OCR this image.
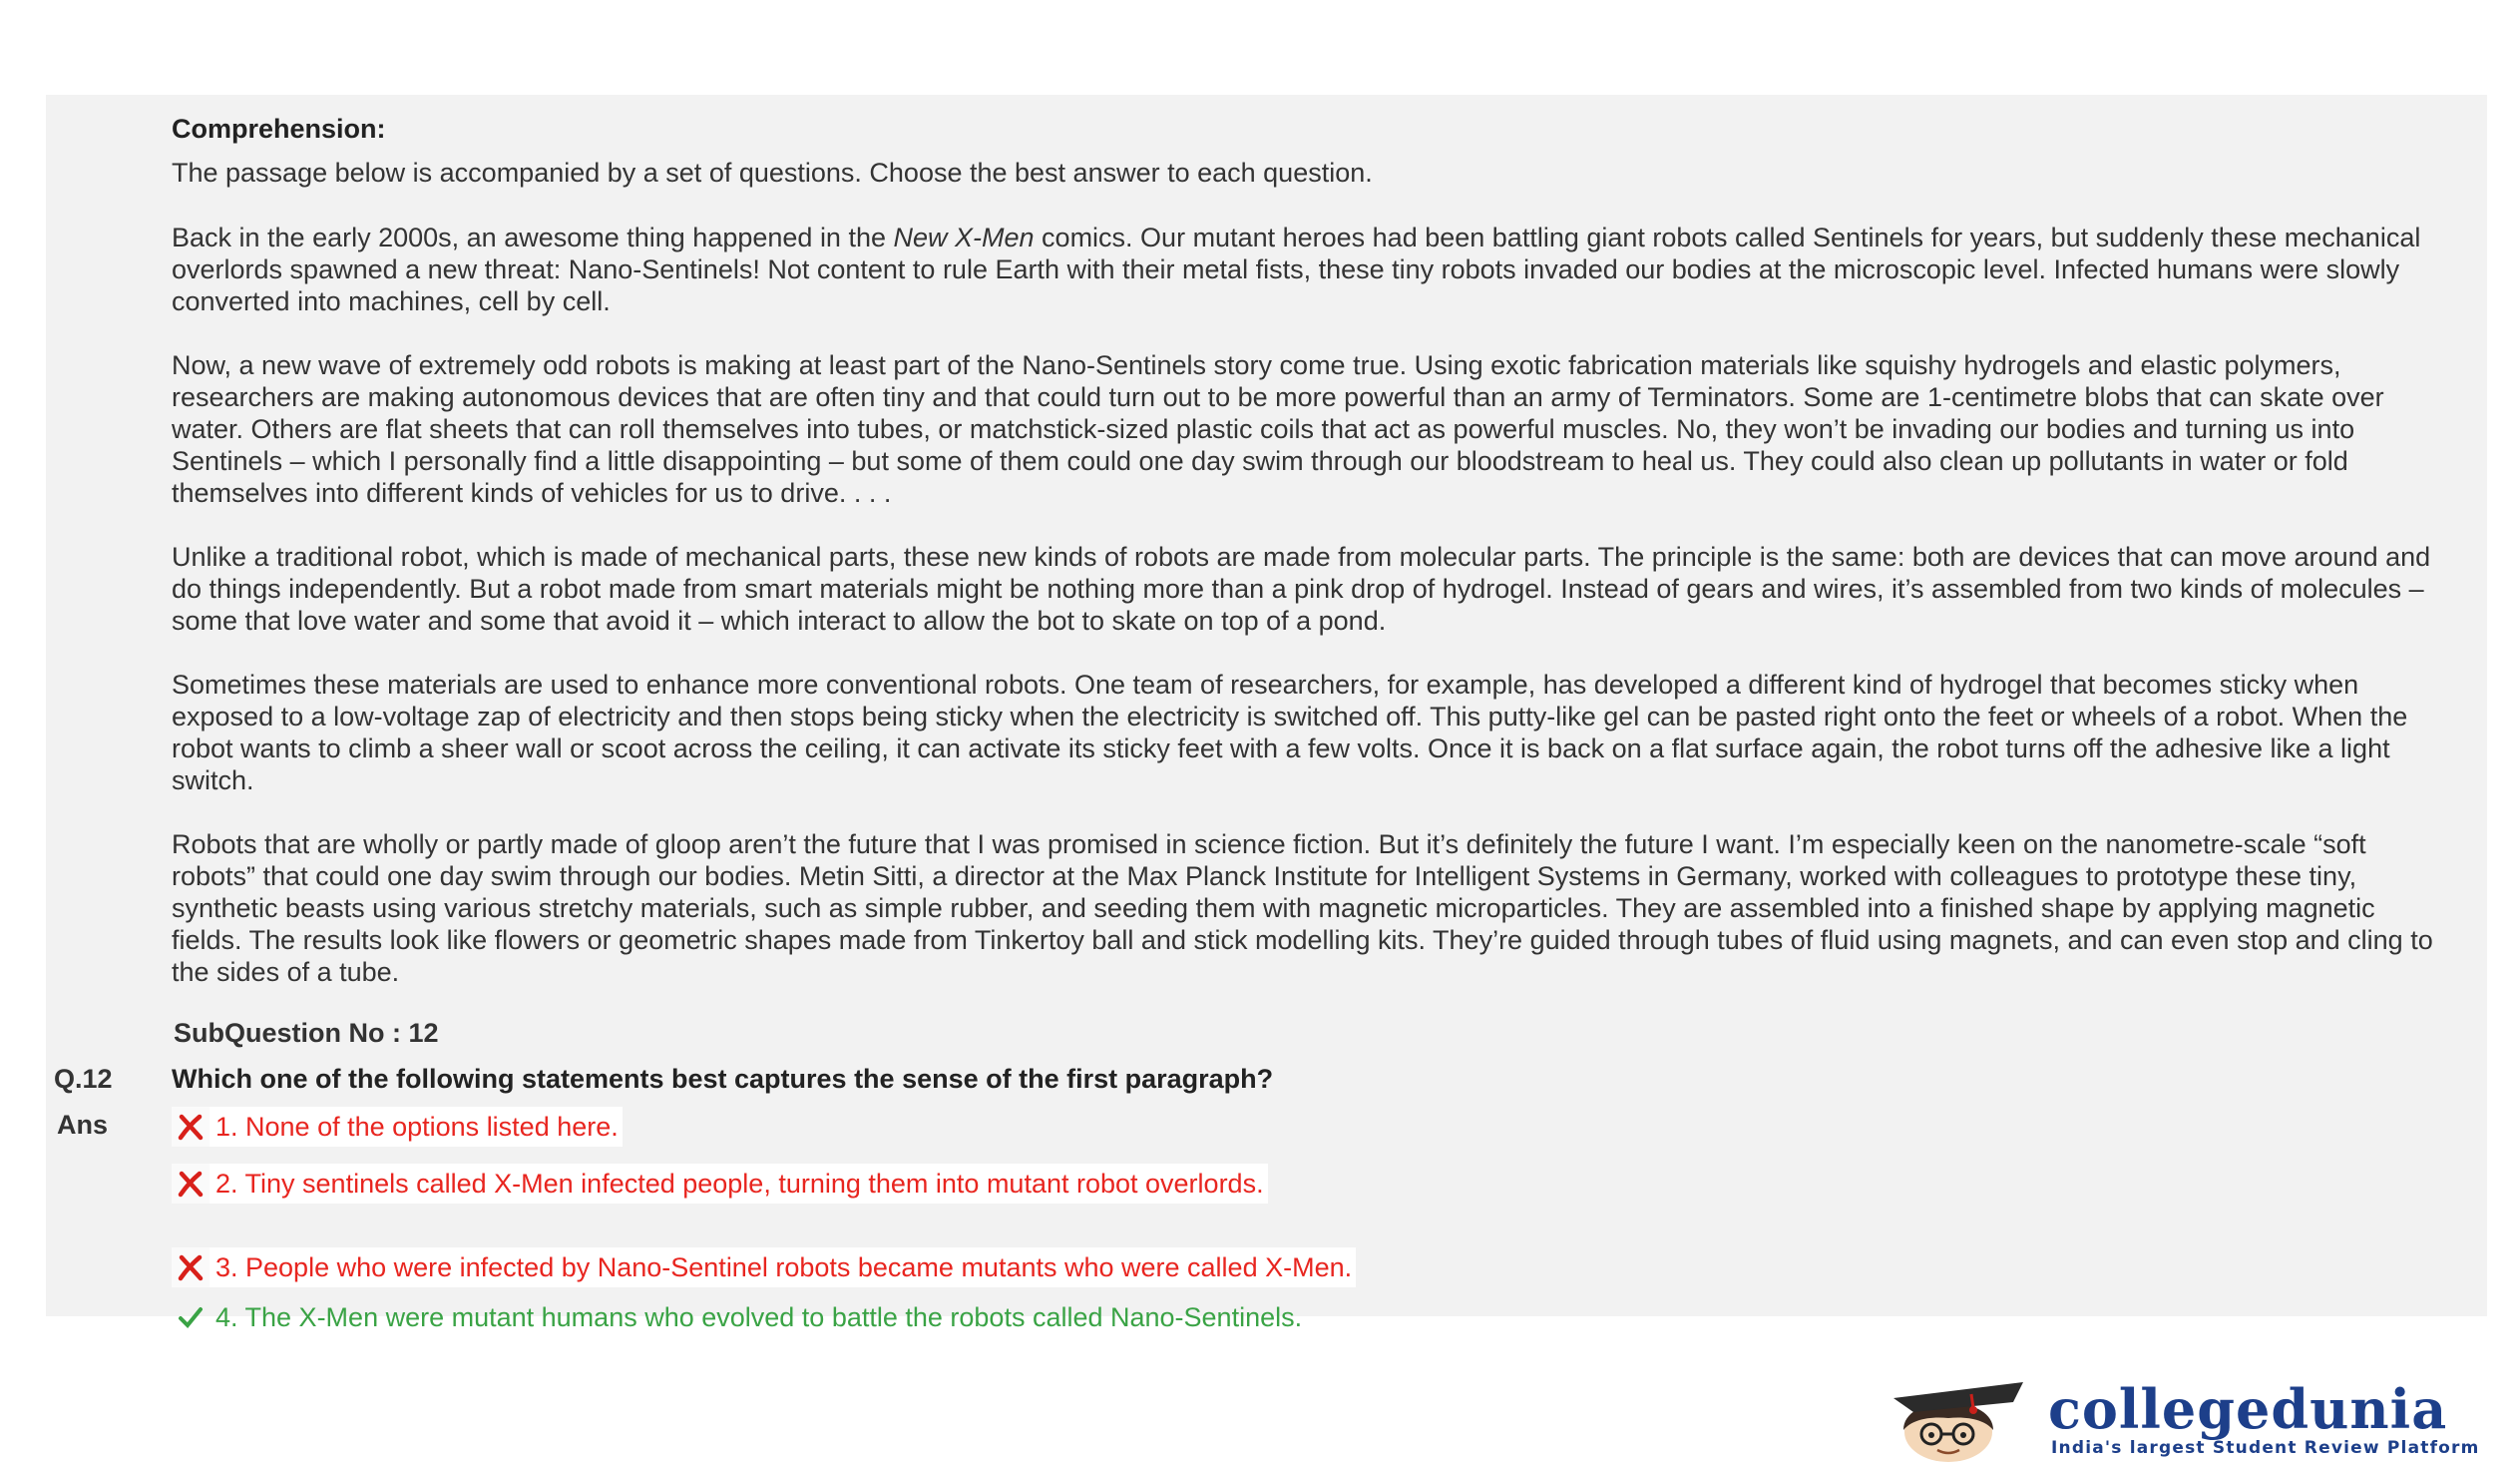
Comprehension:
The passage below is accompanied by a set of questions. Choose the best answer to each question.

Back in the early 2000s, an awesome thing happened in the New X-Men comics. Our mutant heroes had been battling giant robots called Sentinels for years, but suddenly these mechanical overlords spawned a new threat: Nano-Sentinels! Not content to rule Earth with their metal fists, these tiny robots invaded our bodies at the microscopic level. Infected humans were slowly converted into machines, cell by cell.

Now, a new wave of extremely odd robots is making at least part of the Nano-Sentinels story come true. Using exotic fabrication materials like squishy hydrogels and elastic polymers, researchers are making autonomous devices that are often tiny and that could turn out to be more powerful than an army of Terminators. Some are 1-centimetre blobs that can skate over water. Others are flat sheets that can roll themselves into tubes, or matchstick-sized plastic coils that act as powerful muscles. No, they won’t be invading our bodies and turning us into Sentinels – which I personally find a little disappointing – but some of them could one day swim through our bloodstream to heal us. They could also clean up pollutants in water or fold themselves into different kinds of vehicles for us to drive. . . .

Unlike a traditional robot, which is made of mechanical parts, these new kinds of robots are made from molecular parts. The principle is the same: both are devices that can move around and do things independently. But a robot made from smart materials might be nothing more than a pink drop of hydrogel. Instead of gears and wires, it’s assembled from two kinds of molecules – some that love water and some that avoid it – which interact to allow the bot to skate on top of a pond.

Sometimes these materials are used to enhance more conventional robots. One team of researchers, for example, has developed a different kind of hydrogel that becomes sticky when exposed to a low-voltage zap of electricity and then stops being sticky when the electricity is switched off. This putty-like gel can be pasted right onto the feet or wheels of a robot. When the robot wants to climb a sheer wall or scoot across the ceiling, it can activate its sticky feet with a few volts. Once it is back on a flat surface again, the robot turns off the adhesive like a light switch.

Robots that are wholly or partly made of gloop aren’t the future that I was promised in science fiction. But it’s definitely the future I want. I’m especially keen on the nanometre-scale “soft robots” that could one day swim through our bodies. Metin Sitti, a director at the Max Planck Institute for Intelligent Systems in Germany, worked with colleagues to prototype these tiny, synthetic beasts using various stretchy materials, such as simple rubber, and seeding them with magnetic microparticles. They are assembled into a finished shape by applying magnetic fields. The results look like flowers or geometric shapes made from Tinkertoy ball and stick modelling kits. They’re guided through tubes of fluid using magnets, and can even stop and cling to the sides of a tube.

SubQuestion No : 12
Q.12 Which one of the following statements best captures the sense of the first paragraph?
Ans	1. None of the options listed here.
2. Tiny sentinels called X-Men infected people, turning them into mutant robot overlords.
3. People who were infected by Nano-Sentinel robots became mutants who were called X-Men.
4. The X-Men were mutant humans who evolved to battle the robots called Nano-Sentinels.
collegedunia
India's largest Student Review Platform
